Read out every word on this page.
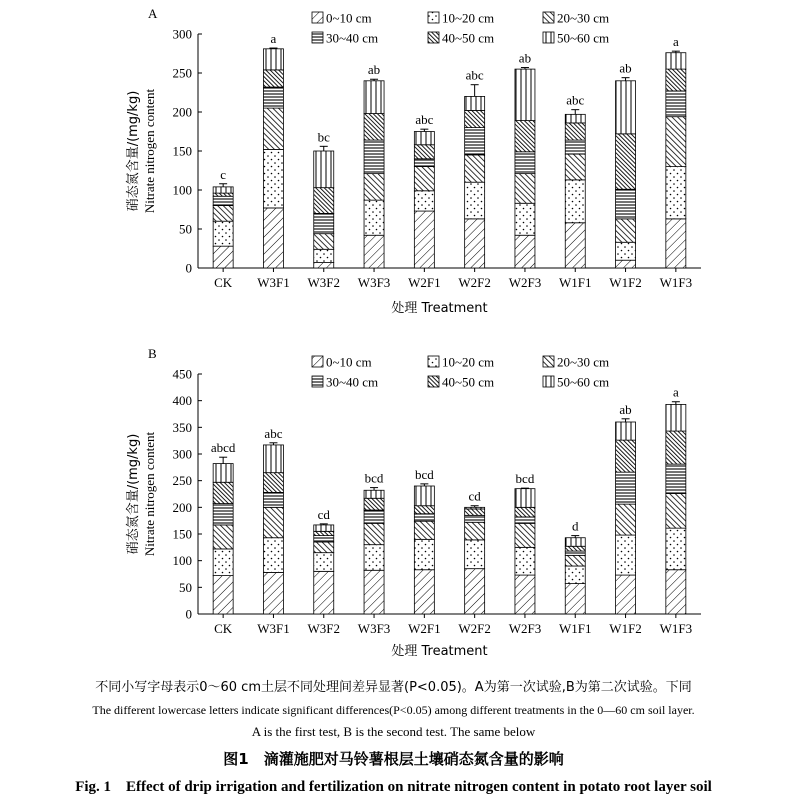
A
0
50
100
150
200
250
300
硝态氮含量/(mg/kg) Nitrate nitrogen content	c
CK
a
W3F1
bc
W3F2
ab
W3F3
abc
W2F1
abc
W2F2
ab
W2F3
abc
W1F1
ab
W1F2
a
W1F3
处理 Treatment
0~10 cm	10~20 cm	20~30 cm
30~40 cm	40~50 cm	50~60 cm
B
0
50
100
150
200
250
300
350
400
450
硝态氮含量/(mg/kg) Nitrate nitrogen content	abcd
CK
abc
W3F1
cd
W3F2
bcd
W3F3
bcd
W2F1
cd
W2F2
bcd
W2F3
d
W1F1
ab
W1F2
a
W1F3
处理 Treatment
0~10 cm	10~20 cm	20~30 cm
30~40 cm	40~50 cm	50~60 cm
不同小写字母表示0～60 cm土层不同处理间差异显著(P<0.05)。A为第一次试验,B为第二次试验。下同
The different lowercase letters indicate significant differences(P<0.05) among different treatments in the 0—60 cm soil layer.
A is the first test, B is the second test. The same below
图1　滴灌施肥对马铃薯根层土壤硝态氮含量的影响
Fig. 1　Effect of drip irrigation and fertilization on nitrate nitrogen content in potato root layer soil
